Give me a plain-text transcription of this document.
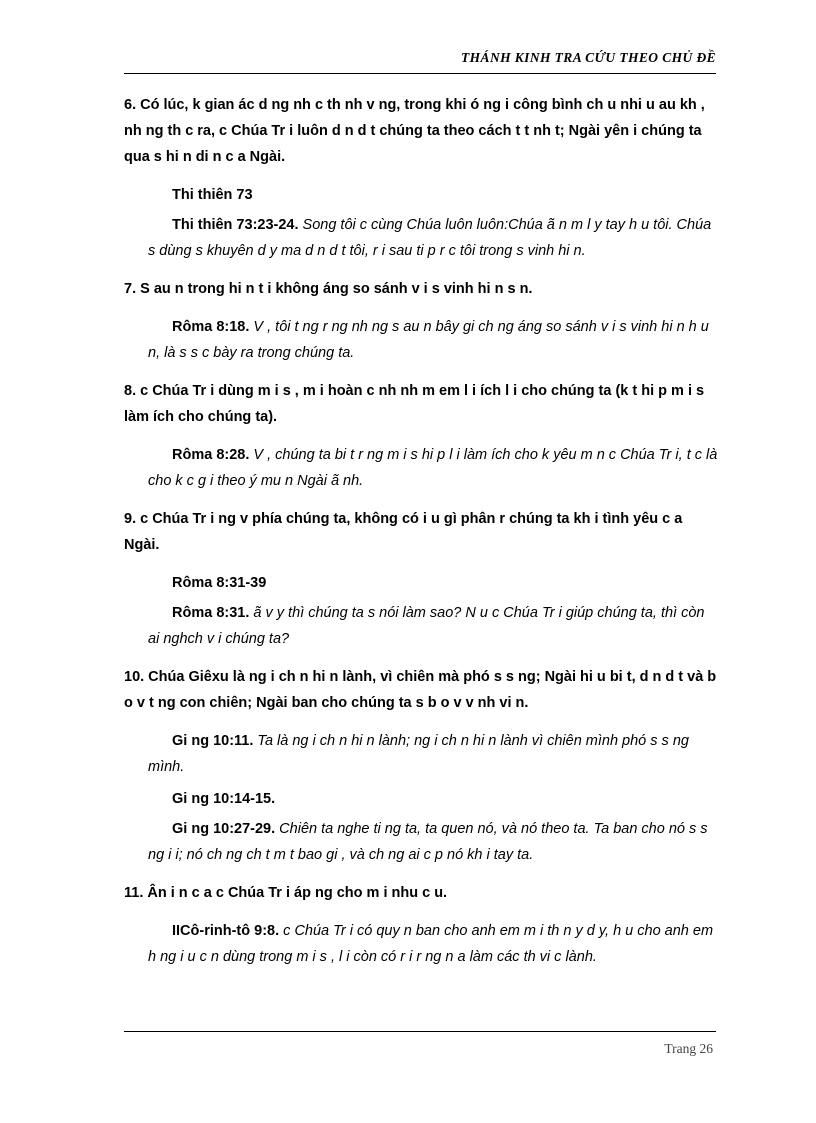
THÁNH KINH TRA CỨU THEO CHỦ ĐỀ

6. Có lúc, k gian ác d ng nh c th nh v ng, trong khi ó ng i công bình ch u nhi u au kh , nh ng th c ra, c Chúa Tr i luôn d n d t chúng ta theo cách t t nh t; Ngài yên i chúng ta qua s hi n di n c a Ngài.

Thi thiên 73

Thi thiên 73:23-24. Song tôi c cùng Chúa luôn luôn:Chúa ã n m l y tay h u tôi. Chúa s dùng s khuyên d y ma d n d t tôi, r i sau ti p r c tôi trong s vinh hi n.

7. S au n trong hi n t i không áng so sánh v i s vinh hi n s n.

Rôma 8:18. V , tôi t ng r ng nh ng s au n bây gi ch ng áng so sánh v i s vinh hi n h u n, là s s c bày ra trong chúng ta.

8. c Chúa Tr i dùng m i s , m i hoàn c nh nh m em l i ích l i cho chúng ta (k t hi p m i s làm ích cho chúng ta).

Rôma 8:28. V , chúng ta bi t r ng m i s hi p l i làm ích cho k yêu m n c Chúa Tr i, t c là cho k c g i theo ý mu n Ngài ã nh.

9. c Chúa Tr i ng v phía chúng ta, không có i u gì phân r chúng ta kh i tình yêu c a Ngài.

Rôma 8:31-39

Rôma 8:31. ã v y thì chúng ta s nói làm sao? N u c Chúa Tr i giúp chúng ta, thì còn ai nghch v i chúng ta?

10. Chúa Giêxu là ng i ch n hi n lành, vì chiên mà phó s s ng; Ngài hi u bi t, d n d t và b o v t ng con chiên; Ngài ban cho chúng ta s b o v v nh vi n.

Gi ng 10:11. Ta là ng i ch n hi n lành; ng i ch n hi n lành vì chiên mình phó s s ng mình.

Gi ng 10:14-15.

Gi ng 10:27-29. Chiên ta nghe ti ng ta, ta quen nó, và nó theo ta. Ta ban cho nó s s ng i i; nó ch ng ch t m t bao gi , và ch ng ai c p nó kh i tay ta.

11. Ân i n c a c Chúa Tr i áp ng cho m i nhu c u.

IICô-rinh-tô 9:8. c Chúa Tr i có quy n ban cho anh em m i th n y d y, h u cho anh em h ng i u c n dùng trong m i s , l i còn có r i r ng n a làm các th vi c lành.

Trang 26
